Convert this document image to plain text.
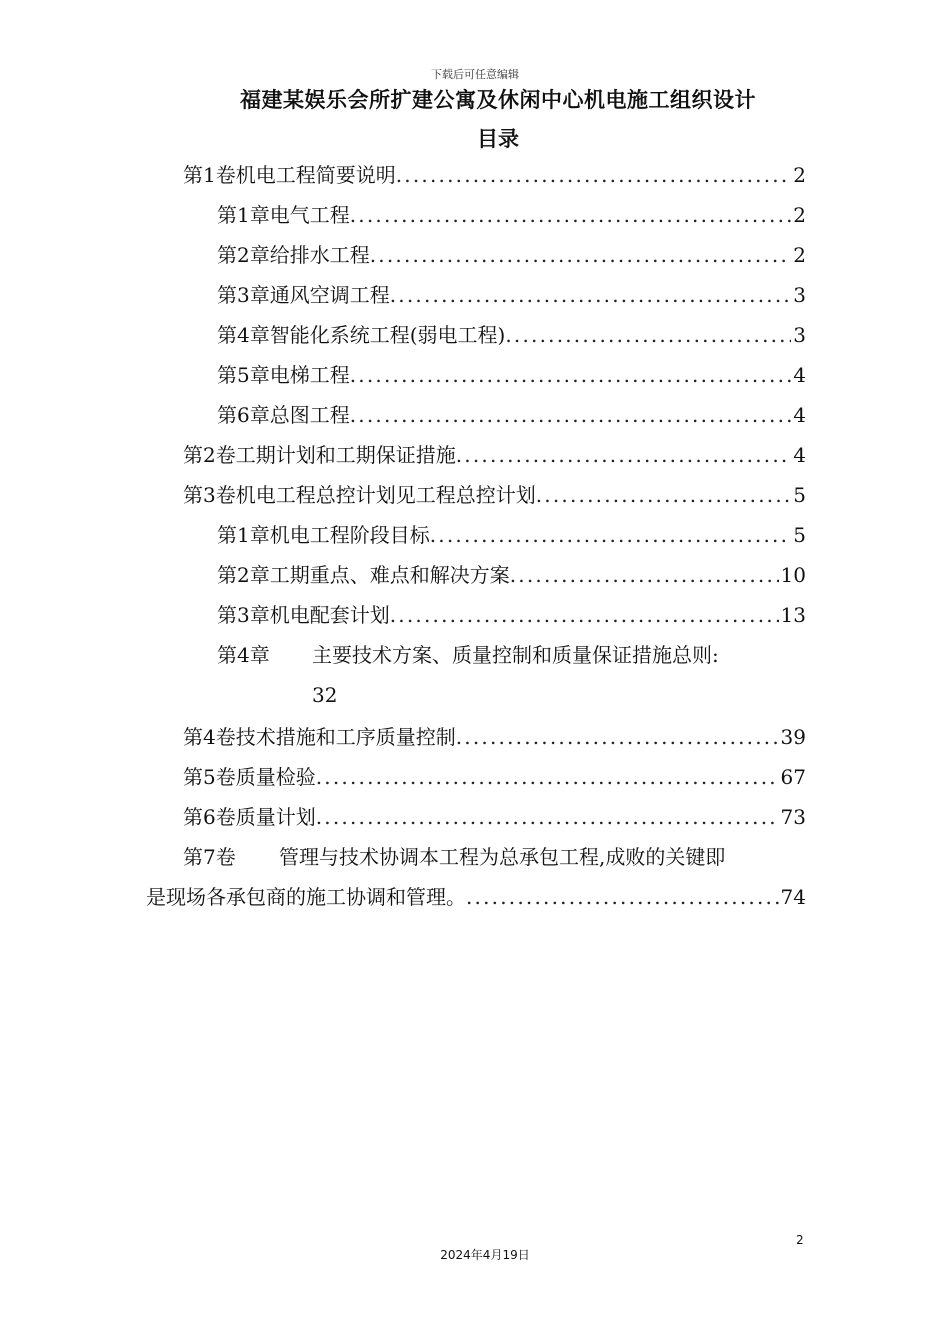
下载后可任意编辑
福建某娱乐会所扩建公寓及休闲中心机电施工组织设计
目录
第1卷 机电工程简要说明 .....	2
第1章 电气工程 .....	2
第2章 给排水工程 .....	2
第3章 通风空调工程 .....	3
第4章 智能化系统工程(弱电工程) .....	3
第5章 电梯工程 .....	4
第6章 总图工程 .....	4
第2卷 工期计划和工期保证措施 .....	4
第3卷 机电工程总控计划见工程总控计划 .....	5
第1章 机电工程阶段目标 .....	5
第2章 工期重点、难点和解决方案 .....	10
第3章 机电配套计划 .....	13
第4章	主要技术方案、质量控制和质量保证措施总则:
32
第4卷 技术措施和工序质量控制 .....	39
第5卷 质量检验 .....	67
第6卷 质量计划 .....	73
第7卷	管理与技术协调本工程为总承包工程,成败的关键即
是现场各承包商的施工协调和管理。 .....	74
2
2024年4月19日
